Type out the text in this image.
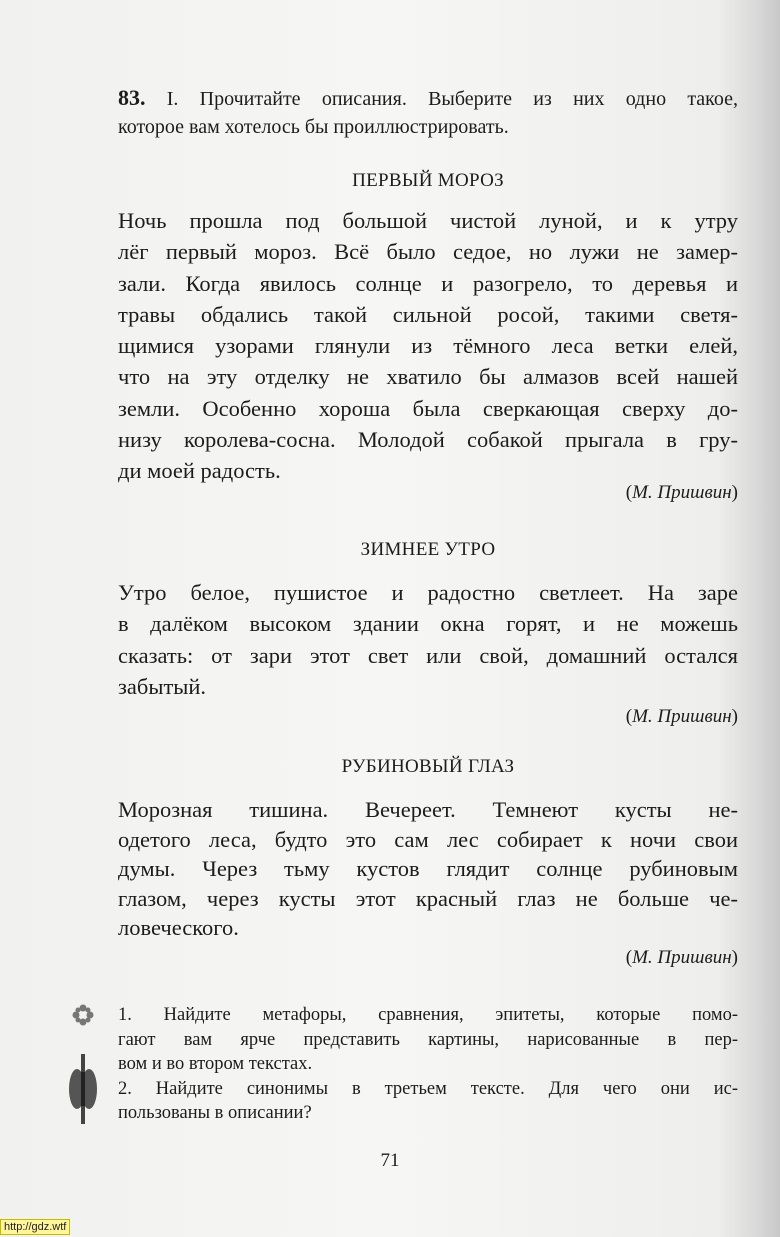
83. I. Прочитайте описания. Выберите из них одно такое,
которое вам хотелось бы проиллюстрировать.
ПЕРВЫЙ МОРОЗ
Ночь прошла под большой чистой луной, и к утру
лёг первый мороз. Всё было седое, но лужи не замер-
зали. Когда явилось солнце и разогрело, то деревья и
травы обдались такой сильной росой, такими светя-
щимися узорами глянули из тёмного леса ветки елей,
что на эту отделку не хватило бы алмазов всей нашей
земли. Особенно хороша была сверкающая сверху до-
низу королева-сосна. Молодой собакой прыгала в гру-
ди моей радость.
(М. Пришвин)
ЗИМНЕЕ УТРО
Утро белое, пушистое и радостно светлеет. На заре
в далёком высоком здании окна горят, и не можешь
сказать: от зари этот свет или свой, домашний остался
забытый.
(М. Пришвин)
РУБИНОВЫЙ ГЛАЗ
Морозная тишина. Вечереет. Темнеют кусты не-
одетого леса, будто это сам лес собирает к ночи свои
думы. Через тьму кустов глядит солнце рубиновым
глазом, через кусты этот красный глаз не больше че-
ловеческого.
(М. Пришвин)
1. Найдите метафоры, сравнения, эпитеты, которые помо-
гают вам ярче представить картины, нарисованные в пер-
вом и во втором текстах.
2. Найдите синонимы в третьем тексте. Для чего они ис-
пользованы в описании?
71
http://gdz.wtf
